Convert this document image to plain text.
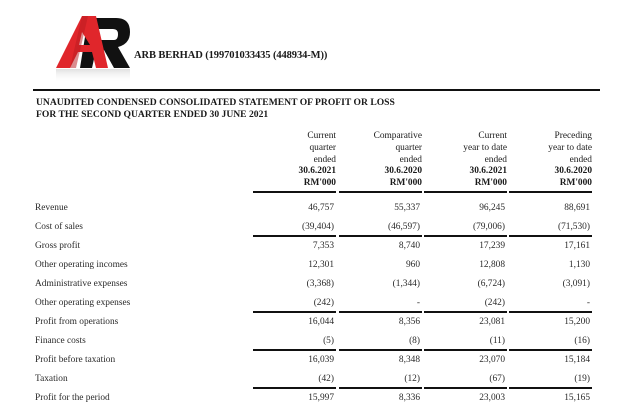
ARB BERHAD (199701033435 (448934-M))
UNAUDITED CONDENSED CONSOLIDATED STATEMENT OF PROFIT OR LOSS
FOR THE SECOND QUARTER ENDED 30 JUNE 2021
Current
quarter
ended
30.6.2021
RM'000
Comparative
quarter
ended
30.6.2020
RM'000
Current
year to date
ended
30.6.2021
RM'000
Preceding
year to date
ended
30.6.2020
RM'000
Revenue	46,757	55,337	96,245	88,691
Cost of sales	(39,404)	(46,597)	(79,006)	(71,530)
Gross profit	7,353	8,740	17,239	17,161
Other operating incomes	12,301	960	12,808	1,130
Administrative expenses	(3,368)	(1,344)	(6,724)	(3,091)
Other operating expenses	(242)	-	(242)	-
Profit from operations	16,044	8,356	23,081	15,200
Finance costs	(5)	(8)	(11)	(16)
Profit before taxation	16,039	8,348	23,070	15,184
Taxation	(42)	(12)	(67)	(19)
Profit for the period	15,997	8,336	23,003	15,165
